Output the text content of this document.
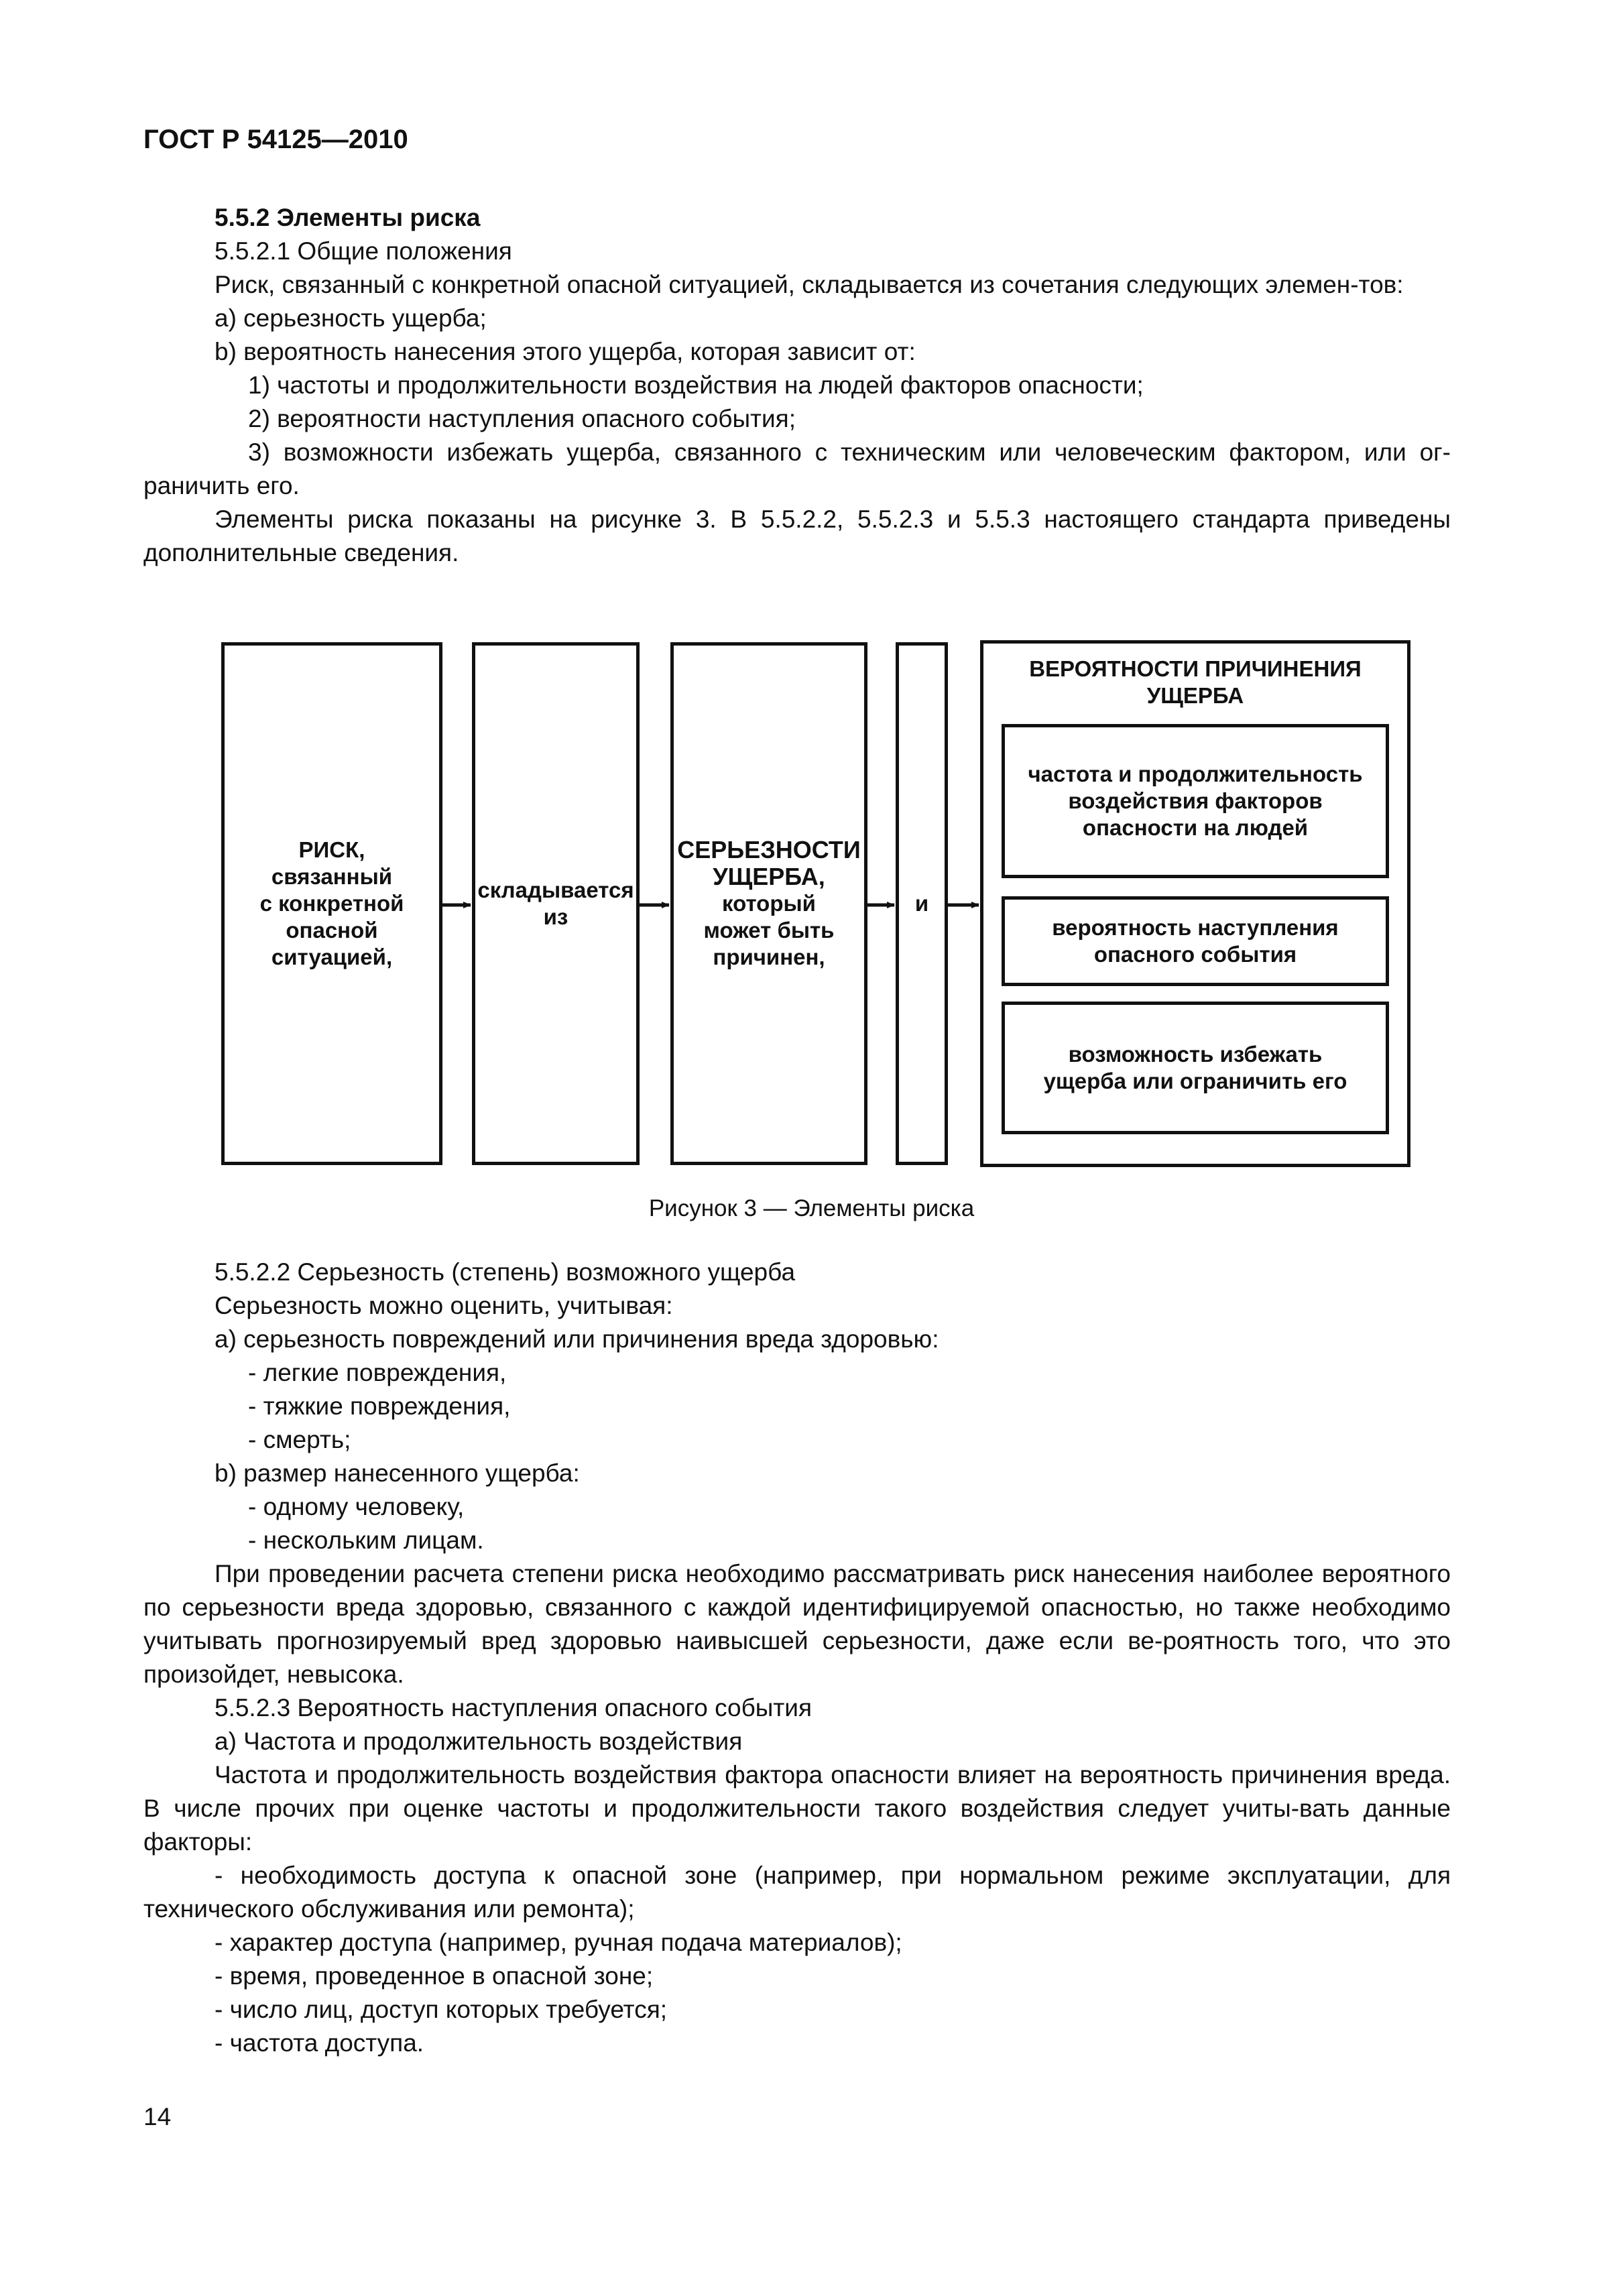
ГОСТ Р 54125—2010

5.5.2 Элементы риска

5.5.2.1 Общие положения

Риск, связанный с конкретной опасной ситуацией, складывается из сочетания следующих элемен-тов:

a) серьезность ущерба;

b) вероятность нанесения этого ущерба, которая зависит от:

1) частоты и продолжительности воздействия на людей факторов опасности;

2) вероятности наступления опасного события;

3) возможности избежать ущерба, связанного с техническим или человеческим фактором, или ог-раничить его.

Элементы риска показаны на рисунке 3. В 5.5.2.2, 5.5.2.3 и 5.5.3 настоящего стандарта приведены дополнительные сведения.

РИСК,
связанный
с конкретной
опасной
ситуацией,
складывается
из
СЕРЬЕЗНОСТИ
УЩЕРБА,
который
может быть
причинен,
и
ВЕРОЯТНОСТИ ПРИЧИНЕНИЯ
УЩЕРБА
частота и продолжительность
воздействия факторов
опасности на людей
вероятность наступления
опасного события
возможность избежать
ущерба или ограничить его
Рисунок 3 — Элементы риска

5.5.2.2 Серьезность (степень) возможного ущерба

Серьезность можно оценить, учитывая:

a) серьезность повреждений или причинения вреда здоровью:

- легкие повреждения,

- тяжкие повреждения,

- смерть;

b) размер нанесенного ущерба:

- одному человеку,

- нескольким лицам.

При проведении расчета степени риска необходимо рассматривать риск нанесения наиболее вероятного по серьезности вреда здоровью, связанного с каждой идентифицируемой опасностью, но также необходимо учитывать прогнозируемый вред здоровью наивысшей серьезности, даже если ве-роятность того, что это произойдет, невысока.

5.5.2.3 Вероятность наступления опасного события

a) Частота и продолжительность воздействия

Частота и продолжительность воздействия фактора опасности влияет на вероятность причинения вреда. В числе прочих при оценке частоты и продолжительности такого воздействия следует учиты-вать данные факторы:

- необходимость доступа к опасной зоне (например, при нормальном режиме эксплуатации, для технического обслуживания или ремонта);

- характер доступа (например, ручная подача материалов);

- время, проведенное в опасной зоне;

- число лиц, доступ которых требуется;

- частота доступа.

14
